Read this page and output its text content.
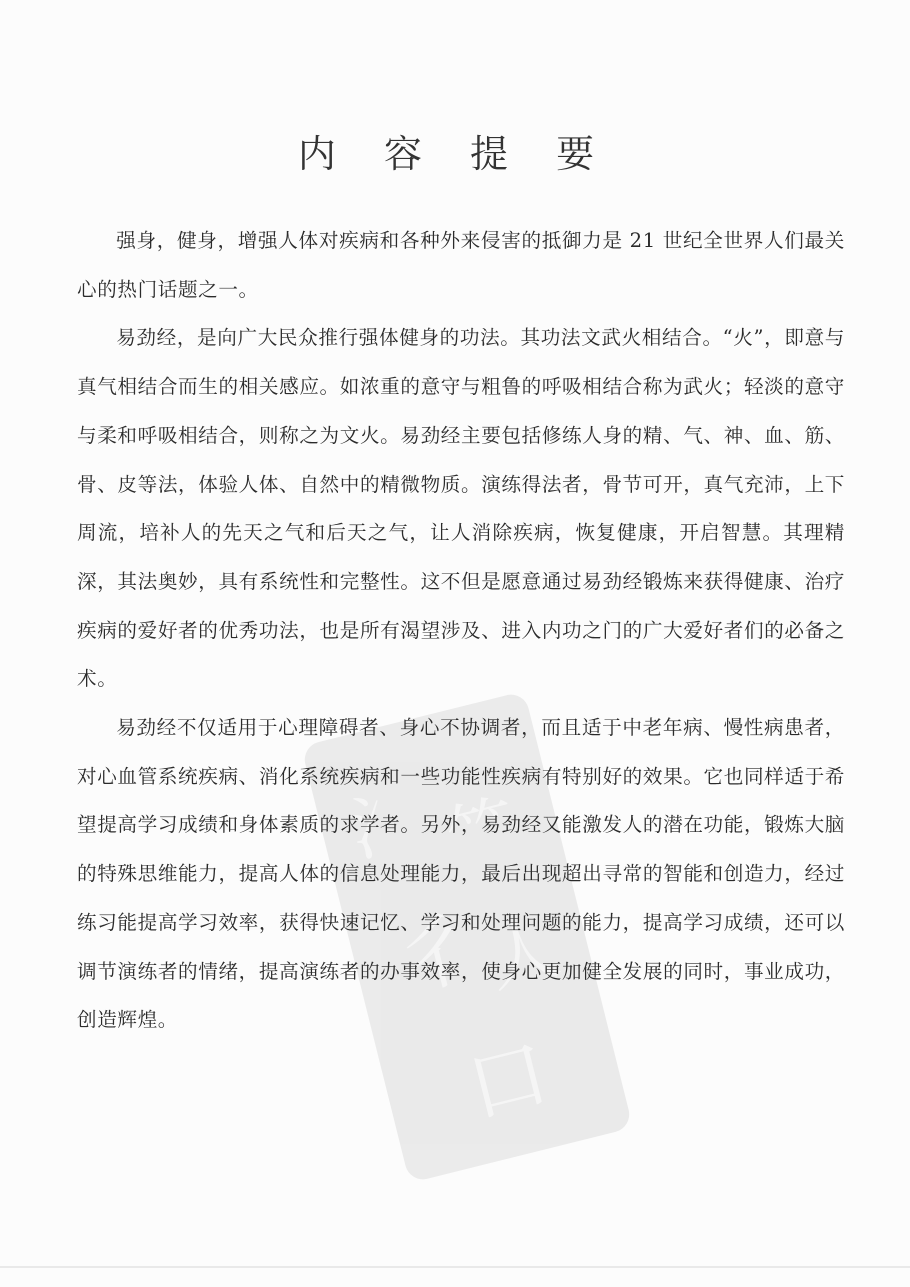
⺡ ⺮
⼻
⼈
⼝
内 容 提 要

强身，健身，增强人体对疾病和各种外来侵害的抵御力是 21 世纪全世界人们最关心的热门话题之一。

易劲经，是向广大民众推行强体健身的功法。其功法文武火相结合。“火”，即意与真气相结合而生的相关感应。如浓重的意守与粗鲁的呼吸相结合称为武火；轻淡的意守与柔和呼吸相结合，则称之为文火。易劲经主要包括修练人身的精、气、神、血、筋、骨、皮等法，体验人体、自然中的精微物质。演练得法者，骨节可开，真气充沛，上下周流，培补人的先天之气和后天之气，让人消除疾病，恢复健康，开启智慧。其理精深，其法奥妙，具有系统性和完整性。这不但是愿意通过易劲经锻炼来获得健康、治疗疾病的爱好者的优秀功法，也是所有渴望涉及、进入内功之门的广大爱好者们的必备之术。

易劲经不仅适用于心理障碍者、身心不协调者，而且适于中老年病、慢性病患者，对心血管系统疾病、消化系统疾病和一些功能性疾病有特别好的效果。它也同样适于希望提高学习成绩和身体素质的求学者。另外，易劲经又能激发人的潜在功能，锻炼大脑的特殊思维能力，提高人体的信息处理能力，最后出现超出寻常的智能和创造力，经过练习能提高学习效率，获得快速记忆、学习和处理问题的能力，提高学习成绩，还可以调节演练者的情绪，提高演练者的办事效率，使身心更加健全发展的同时，事业成功，创造辉煌。
